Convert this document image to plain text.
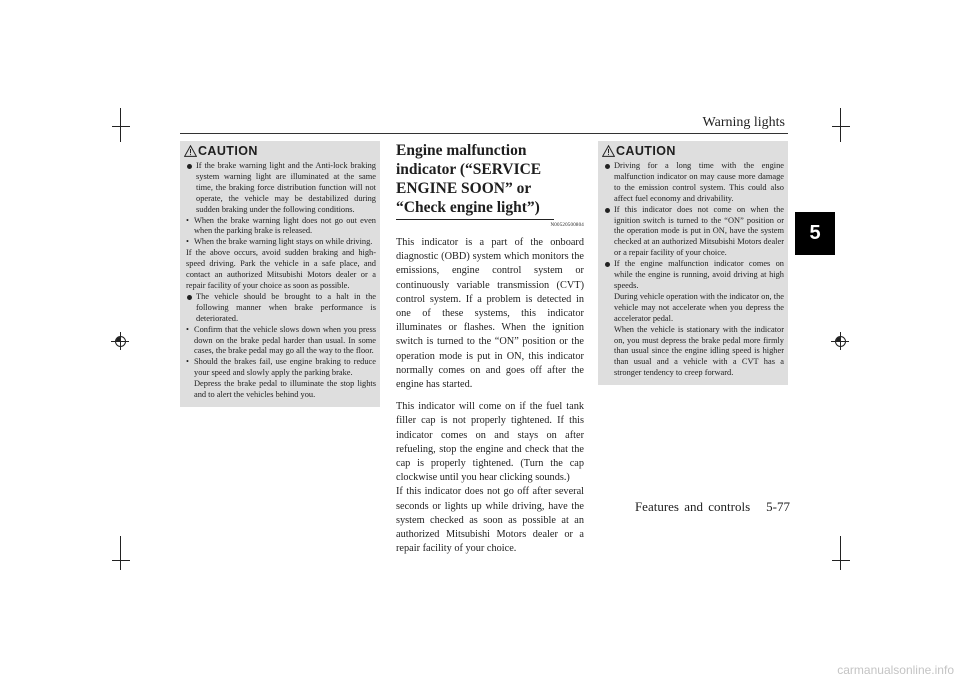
Warning lights
5
CAUTION

If the brake warning light and the Anti-lock braking system warning light are illuminated at the same time, the braking force distribution function will not operate, the vehicle may be destabilized during sudden braking under the following conditions.

• When the brake warning light does not go out even when the parking brake is released.

• When the brake warning light stays on while driving.

If the above occurs, avoid sudden braking and high-speed driving. Park the vehicle in a safe place, and contact an authorized Mitsubishi Motors dealer or a repair facility of your choice as soon as possible.

The vehicle should be brought to a halt in the following manner when brake performance is deteriorated.

• Confirm that the vehicle slows down when you press down on the brake pedal harder than usual. In some cases, the brake pedal may go all the way to the floor.

• Should the brakes fail, use engine braking to reduce your speed and slowly apply the parking brake.

Depress the brake pedal to illuminate the stop lights and to alert the vehicles behind you.

Engine malfunction indicator (“SERVICE ENGINE SOON” or “Check engine light”)

N00520500804

This indicator is a part of the onboard diagnostic (OBD) system which monitors the emissions, engine control system or continuously variable transmission (CVT) control system. If a problem is detected in one of these systems, this indicator illuminates or flashes. When the ignition switch is turned to the “ON” position or the operation mode is put in ON, this indicator normally comes on and goes off after the engine has started.

This indicator will come on if the fuel tank filler cap is not properly tightened. If this indicator comes on and stays on after refueling, stop the engine and check that the cap is properly tightened. (Turn the cap clockwise until you hear clicking sounds.)

If this indicator does not go off after several seconds or lights up while driving, have the system checked as soon as possible at an authorized Mitsubishi Motors dealer or a repair facility of your choice.

CAUTION

Driving for a long time with the engine malfunction indicator on may cause more damage to the emission control system. This could also affect fuel economy and drivability.

If this indicator does not come on when the ignition switch is turned to the “ON” position or the operation mode is put in ON, have the system checked at an authorized Mitsubishi Motors dealer or a repair facility of your choice.

If the engine malfunction indicator comes on while the engine is running, avoid driving at high speeds.

During vehicle operation with the indicator on, the vehicle may not accelerate when you depress the accelerator pedal.

When the vehicle is stationary with the indicator on, you must depress the brake pedal more firmly than usual since the engine idling speed is higher than usual and a vehicle with a CVT has a stronger tendency to creep forward.

Features and controls 5-77
carmanualsonline.info
